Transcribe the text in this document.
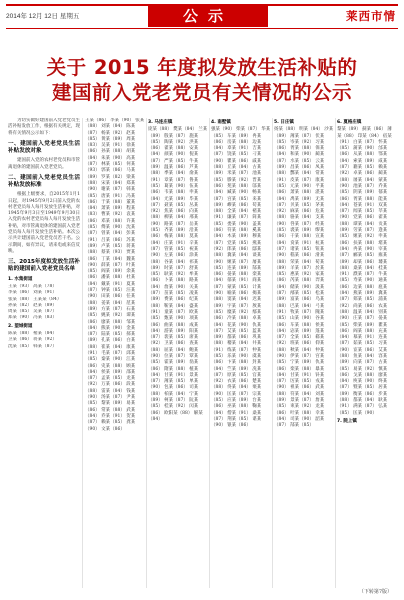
2014年 12月 12日 星期五	公示	莱西市情
关于 2015 年度拟发放生活补贴的
建国前入党老党员有关情况的公示

为切实做好建国前入党老党员生活补贴发放工作，根据有关规定，现将有关情况公示如下：

一、建国前入党老党员生活补贴发放对象

建国前入党的农村老党员和市管离退休的建国前入党老党员。

二、建国前入党老党员生活补贴发放标准

根据上级要求，自2015年1月1日起，对1945年9月2日前入党的农村老党员每人每月发放生活补贴，对1945年9月3日至1949年9月30日入党的农村老党员每人每月发放生活补贴，对市管离退休的建国前入党老党员每人每月发放生活补贴。本次公示共计建国前入党老党员若干名。公示期间，如有异议，请来电或来信反映。

三、2015年度拟发放生活补贴的建国前入党老党员名单

1. 水集街道

王某（93） 高某（78）
李某（86） 刘某（91）
张某（88） 王某某（84）
孙某（82） 赵某（89）
周某（85） 吴某（87）
郑某（90） 冯某（83）

2. 望城街道

陈某（88） 褚某（84）
卫某（86） 蒋某（92）
沈某（85） 韩某（87）

王某（86） 李某（90） 张某（88） 刘某（84） 陈某（87） 杨某（92） 赵某（85） 黄某（89） 周某（83） 吴某（91） 徐某（86） 孙某（88） 胡某（84） 朱某（90） 高某（87） 林某（85） 何某（93） 郭某（86） 马某（89） 罗某（82） 梁某（88） 宋某（84） 郑某（90） 谢某（87） 韩某（85） 唐某（91） 冯某（86） 于某（88） 董某（84） 萧某（89） 程某（83） 曹某（92） 袁某（86） 邓某（88） 许某（85） 傅某（90） 沈某（87） 曾某（84） 彭某（91） 吕某（86） 苏某（89） 卢某（85） 蒋某（88） 蔡某（93） 贾某（86） 丁某（84） 魏某（90） 薛某（87） 叶某（85） 阎某（89） 余某（86） 潘某（88） 杜某（84） 戴某（91） 夏某（87） 钟某（85） 汪某（90） 田某（86） 任某（88） 姜某（84） 范某（89） 方某（87） 石某（85） 姚某（92） 谭某（86） 廖某（88） 邹某（84） 熊某（90） 金某（87） 陆某（85） 郝某（89） 孔某（86） 白某（88） 崔某（84） 康某（91） 毛某（87） 邱某（85） 秦某（90） 江某（86） 史某（88） 顾某（84） 侯某（89） 邵某（87） 孟某（85） 龙某（92） 万某（86） 段某（88） 雷某（84） 钱某（90） 汤某（87） 尹某（85） 黎某（89） 易某（86） 常某（88） 武某（84） 乔某（91） 贺某（87） 赖某（85） 龚某（90） 文某（86）

3. 马连庄镇

庞某（88） 樊某（84） 兰某（89） 殷某（87） 施某（85） 陶某（92） 洪某（86） 翟某（88） 安某（84） 颜某（90） 倪某（87） 严某（85） 牛某（89） 温某（86） 芦某（88） 季某（84） 俞某（91） 章某（87） 鲁某（85） 葛某（90） 伍某（86） 韦某（88） 申某（84） 尤某（89） 毕某（87） 聂某（85） 丛某（92） 焦某（86） 向某（88） 柳某（84） 邢某（90） 路某（87） 岳某（85） 齐某（89） 沿某（86） 梅某（88） 莫某（84） 庄某（91） 辛某（87） 管某（85） 祝某（90） 左某（86） 涂某（88） 谷某（84） 祁某（89） 时某（87） 舒某（85） 耿某（92） 牟某（86） 卜某（88） 路某（84） 詹某（90） 关某（87） 苗某（85） 凌某（89） 费某（86） 纪某（88） 靳某（84） 盛某（91） 童某（87） 欧某（85） 甄某（90） 项某（86） 曲某（88） 成某（84） 游某（89） 阳某（87） 裴某（85） 席某（92） 卫某（86） 查某（88） 屈某（84） 鲍某（90） 位某（87） 覃某（85） 霍某（89） 翁某（86） 隋某（88） 植某（84） 甘某（91） 景某（87） 薄某（85） 单某（90） 包某（86） 司某（88） 柏某（84） 宁某（89） 柯某（87） 阮某（85） 桂某（92） 闵某（86） 欧阳某（88） 解某（84）

4. 南墅镇

强某（90） 柴某（87） 华某（85） 车某（89） 冉某（86） 房某（88） 边某（84） 辜某（91） 吉某（87） 饶某（85） 刁某（90） 瞿某（86） 戚某（88） 丘某（84） 古某（89） 米某（87） 池某（85） 滕某（92） 晋某（86） 苑某（88） 邬某（84） 臧某（90） 畅某（87） 宫某（85） 来某（89） 嵺某（86） 苟某（88） 全某（84） 褚某（91） 廉某（87） 简某（85） 娄某（90） 盖某（86） 符某（88） 奚某（84） 木某（89） 穆某（87） 党某（85） 燕某（92） 郎某（86） 邸某（88） 冀某（84） 谈某（90） 姬某（87） 屠某（85） 连某（89） 郜某（86） 晏某（88） 栾某（84） 郁某（91） 商某（87） 蒙某（85） 计某（90） 喻某（86） 揭某（88） 窦某（84） 迟某（89） 宇某（87） 敖某（85） 糜某（92） 鄢某（86） 冷某（88） 卓某（84） 花某（90） 仇某（87） 艾某（85） 蓝某（89） 都某（86） 巩某（88） 稽某（84） 井某（91） 练某（87） 仲某（85） 乐某（90） 虞某（86） 卞某（88） 封某（84） 竺某（89） 冼某（87） 原某（85） 官某（92） 衣某（86） 楚某（88） 佟某（84） 栗某（90） 匡某（87） 宗某（85） 应某（89） 台某（86） 巫某（88） 鞠某（84） 僧某（91） 桑某（87） 荆某（85） 谌某（90） 银某（86）

5. 日庄镇

扬某（88） 明某（84） 沙某（89） 薄某（87） 伏某（85） 岑某（92） 习某（86） 胥某（88） 保某（84） 和某（90） 蔺某（87） 水某（85） 云某（89） 昌某（86） 凤某（88） 酆某（84） 常某（91） 皮某（87） 康某（85） 元某（90） 平某（86） 萧某（88） 湛某（84） 禹某（89） 无某（87） 贝某（85） 茅某（92） 麻某（86） 危某（88） 骆某（84） 支某（90） 咎某（87） 经某（85） 裘某（89） 缪某（86） 干某（88） 宣某（84） 贲某（91） 杭某（87） 诸某（85） 钮某（90） 嵇某（86） 滑某（88） 荣某（84） 荀某（89） 羊某（87） 於某（85） 惠某（92） 家某（86） 芮某（88） 羿某（84） 储某（90） 汲某（87） 邴某（85） 松某（89） 富某（86） 乌某（88） 巴某（84） 弓某（91） 牧某（87） 隗某（85） 山某（90） 谷某（86） 车某（88） 侯某（84） 宓某（89） 蓬某（87） 全某（85） 郗某（92） 班某（86） 仰某（88） 秋某（84） 仲某（90） 伊某（87） 宫某（85） 宁某（89） 仇某（86） 栾某（88） 暴某（84） 甘某（91） 钭某（87） 厉某（85） 戎某（90） 祖某（86） 武某（88） 符某（84） 刘某（89） 景某（87） 詹某（85） 束某（92） 龙某（86） 叶某（88） 幸某（84） 司某（90） 韶某（87） 郜某（85）

6. 夏格庄镇

黎某（89） 蓟某（86） 薄某（88） 印某（84） 宿某（91） 白某（87） 怀某（85） 蒲某（90） 邰某（86） 从某（88） 鄂某（84） 索某（89） 咸某（87） 籍某（85） 赖某（92） 卓某（86） 蔺某（88） 屠某（84） 蒙某（90） 池某（87） 乔某（85） 阴某（89） 郁某（86） 胥某（88） 能某（84） 苍某（91） 双某（87） 闻某（85） 莘某（90） 党某（86） 翟某（88） 谭某（84） 贡某（89） 劳某（87） 逄某（85） 姬某（92） 申某（86） 扶某（88） 堵某（84） 冉某（90） 宰某（87） 郦某（85） 雍某（89） 却某（86） 璩某（88） 桑某（84） 桂某（91） 濮某（87） 牛某（85） 寿某（90） 通某（86） 边某（88） 扈某（84） 燕某（89） 冀某（87） 郏某（85） 浦某（92） 尚某（86） 农某（88） 温某（84） 别某（90） 庄某（87） 晏某（85） 柴某（89） 瞿某（86） 阎某（88） 充某（84） 慕某（91） 连某（87） 茹某（85） 习某（90） 宦某（86） 艾某（88） 鱼某（84） 容某（89） 向某（87） 古某（85） 易某（92） 慎某（86） 戈某（88） 廖某（84） 庾某（90） 终某（87） 暨某（85） 居某（89） 衡某（86） 步某（88） 都某（84） 耿某（91） 满某（87） 弘某（85） 匡某（90）

7. 院上镇

（下转第7版）
